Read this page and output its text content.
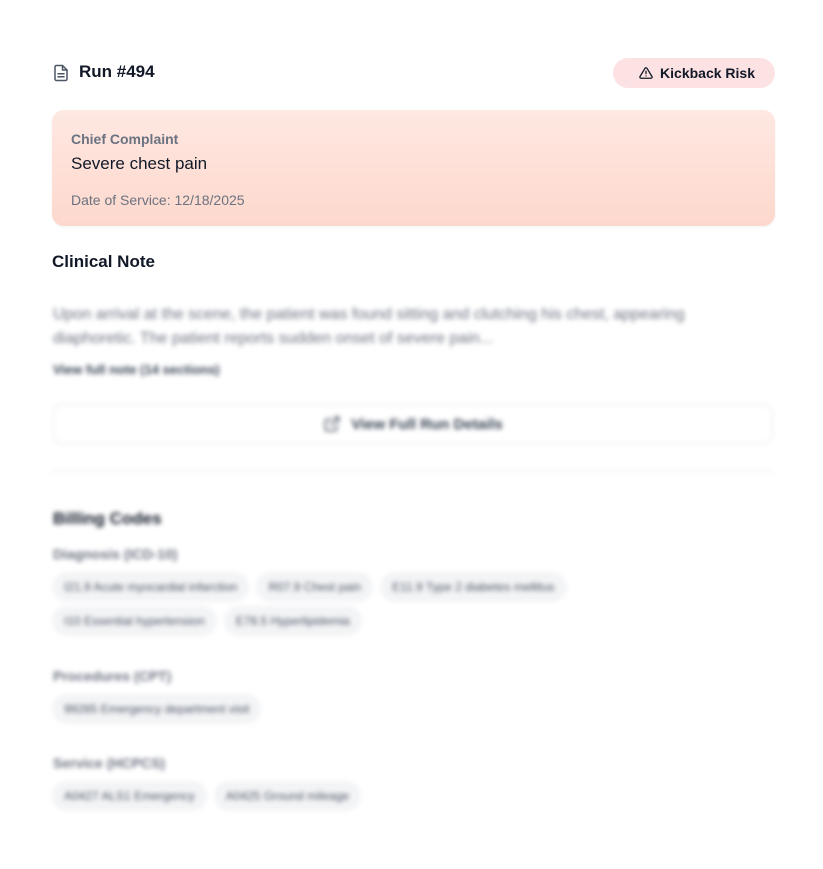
Run #494	Kickback Risk
Chief Complaint
Severe chest pain
Date of Service: 12/18/2025
Clinical Note
Upon arrival at the scene, the patient was found sitting and clutching his chest, appearing diaphoretic. The patient reports sudden onset of severe pain...
View full note (14 sections)
View Full Run Details
Billing Codes
Diagnosis (ICD-10)
I21.9 Acute myocardial infarction	R07.9 Chest pain	E11.9 Type 2 diabetes mellitus
I10 Essential hypertension	E78.5 Hyperlipidemia
Procedures (CPT)
99285 Emergency department visit
Service (HCPCS)
A0427 ALS1 Emergency	A0425 Ground mileage
